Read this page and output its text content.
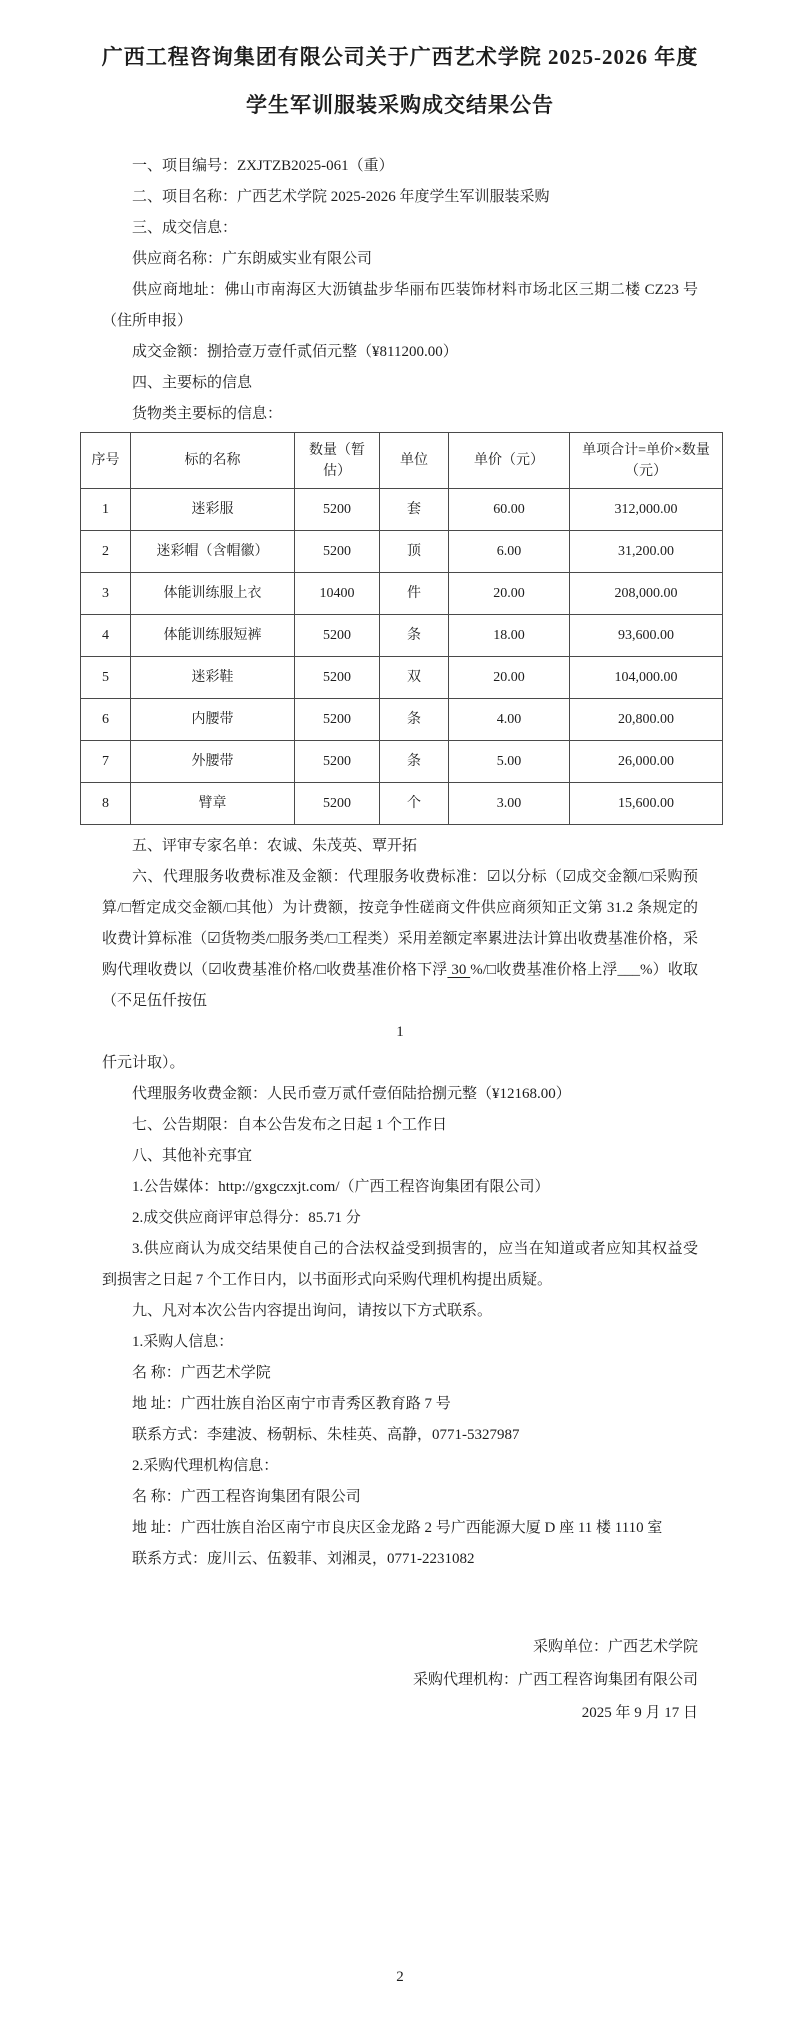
广西工程咨询集团有限公司关于广西艺术学院 2025-2026 年度
学生军训服装采购成交结果公告

一、项目编号：ZXJTZB2025-061（重）

二、项目名称：广西艺术学院 2025-2026 年度学生军训服装采购

三、成交信息：

供应商名称：广东朗威实业有限公司

供应商地址：佛山市南海区大沥镇盐步华丽布匹装饰材料市场北区三期二楼 CZ23 号（住所申报）

成交金额：捌拾壹万壹仟贰佰元整（¥811200.00）

四、主要标的信息

货物类主要标的信息：

序号	标的名称	数量（暂估）	单位	单价（元）	单项合计=单价×数量（元）
1	迷彩服	5200	套	60.00	312,000.00
2	迷彩帽（含帽徽）	5200	顶	6.00	31,200.00
3	体能训练服上衣	10400	件	20.00	208,000.00
4	体能训练服短裤	5200	条	18.00	93,600.00
5	迷彩鞋	5200	双	20.00	104,000.00
6	内腰带	5200	条	4.00	20,800.00
7	外腰带	5200	条	5.00	26,000.00
8	臂章	5200	个	3.00	15,600.00

五、评审专家名单：农诚、朱茂英、覃开拓

六、代理服务收费标准及金额：代理服务收费标准：☑以分标（☑成交金额/□采购预算/□暂定成交金额/□其他）为计费额，按竞争性磋商文件供应商须知正文第 31.2 条规定的收费计算标准（☑货物类/□服务类/□工程类）采用差额定率累进法计算出收费基准价格，采购代理收费以（☑收费基准价格/□收费基准价格下浮 30 %/□收费基准价格上浮___%）收取（不足伍仟按伍

1

仟元计取）。

代理服务收费金额：人民币壹万贰仟壹佰陆拾捌元整（¥12168.00）

七、公告期限：自本公告发布之日起 1 个工作日

八、其他补充事宜

1.公告媒体：http://gxgczxjt.com/（广西工程咨询集团有限公司）

2.成交供应商评审总得分：85.71 分

3.供应商认为成交结果使自己的合法权益受到损害的，应当在知道或者应知其权益受到损害之日起 7 个工作日内，以书面形式向采购代理机构提出质疑。

九、凡对本次公告内容提出询问，请按以下方式联系。

1.采购人信息：

名 称：广西艺术学院

地 址：广西壮族自治区南宁市青秀区教育路 7 号

联系方式：李建波、杨朝标、朱桂英、高静，0771-5327987

2.采购代理机构信息：

名 称：广西工程咨询集团有限公司

地 址：广西壮族自治区南宁市良庆区金龙路 2 号广西能源大厦 D 座 11 楼 1110 室

联系方式：庞川云、伍毅菲、刘湘灵，0771-2231082

采购单位：广西艺术学院
采购代理机构：广西工程咨询集团有限公司
2025 年 9 月 17 日
2
